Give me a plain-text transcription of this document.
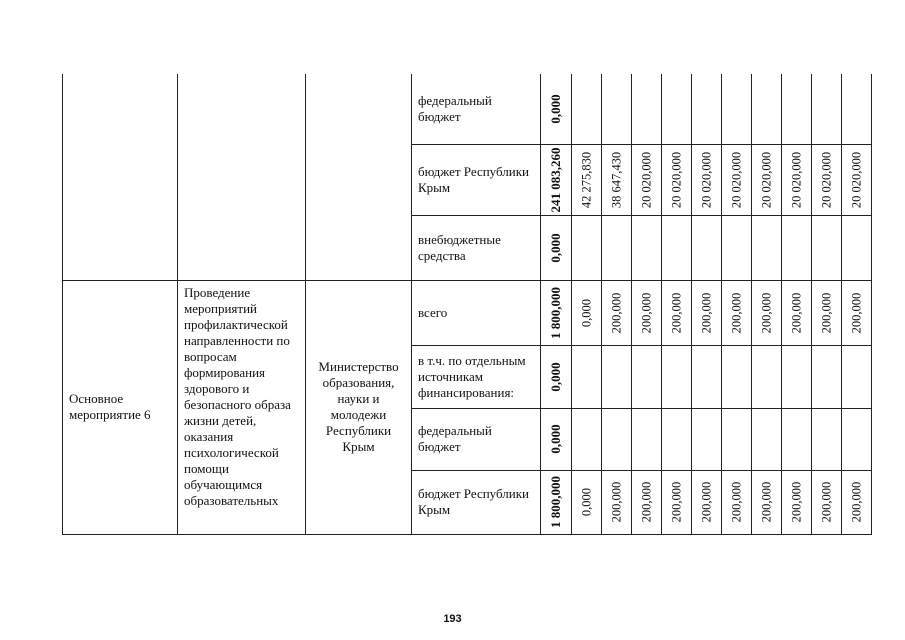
			федеральный бюджет	0,000										

			бюджет Республики Крым	241 083,260	42 275,830	38 647,430	20 020,000	20 020,000	20 020,000	20 020,000	20 020,000	20 020,000	20 020,000	20 020,000

			внебюджетные средства	0,000										

Основное мероприятие 6	Проведение мероприятий профилактической направленности по вопросам формирования здорового и безопасного образа жизни детей, оказания психологической помощи обучающимся образовательных	Министерство образования, науки и молодежи Республики Крым	всего	1 800,000	0,000	200,000	200,000	200,000	200,000	200,000	200,000	200,000	200,000	200,000

			в т.ч. по отдельным источникам финансирования:	0,000										

			федеральный бюджет	0,000										

			бюджет Республики Крым	1 800,000	0,000	200,000	200,000	200,000	200,000	200,000	200,000	200,000	200,000	200,000
193
